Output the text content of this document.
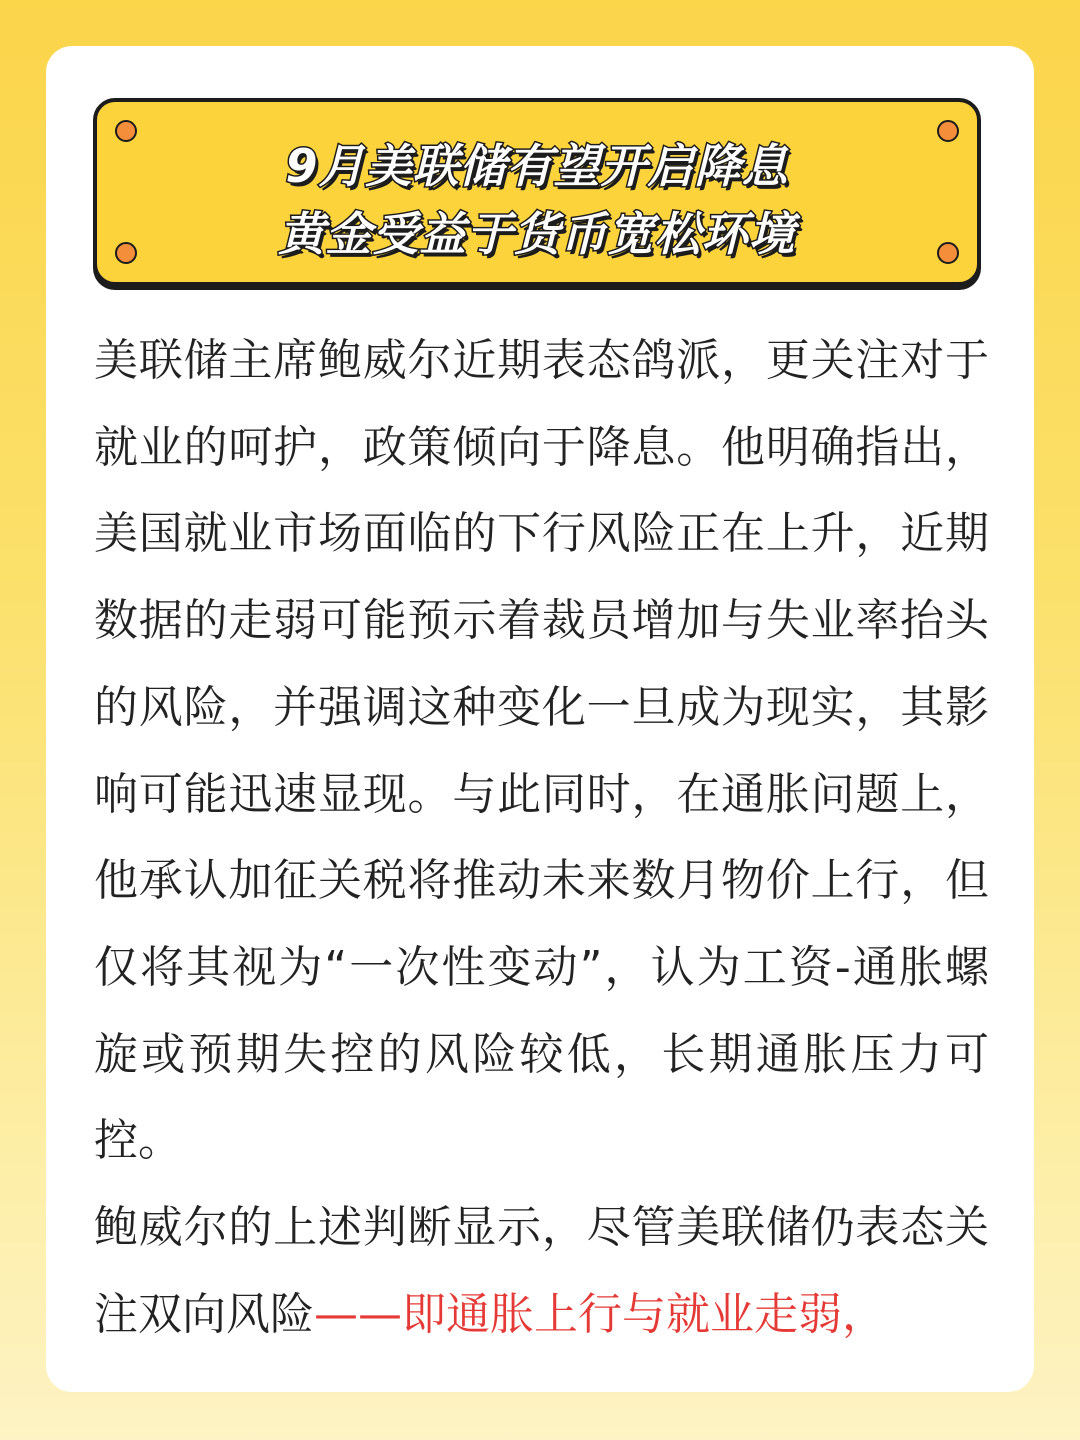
9月美联储有望开启降息
黄金受益于货币宽松环境

美联储主席鲍威尔近期表态鸽派，更关注对于就业的呵护，政策倾向于降息。他明确指出，美国就业市场面临的下行风险正在上升，近期数据的走弱可能预示着裁员增加与失业率抬头的风险，并强调这种变化一旦成为现实，其影响可能迅速显现。与此同时，在通胀问题上，他承认加征关税将推动未来数月物价上行，但仅将其视为“一次性变动”，认为工资-通胀螺旋或预期失控的风险较低，长期通胀压力可控。

鲍威尔的上述判断显示，尽管美联储仍表态关注双向风险——即通胀上行与就业走弱，
